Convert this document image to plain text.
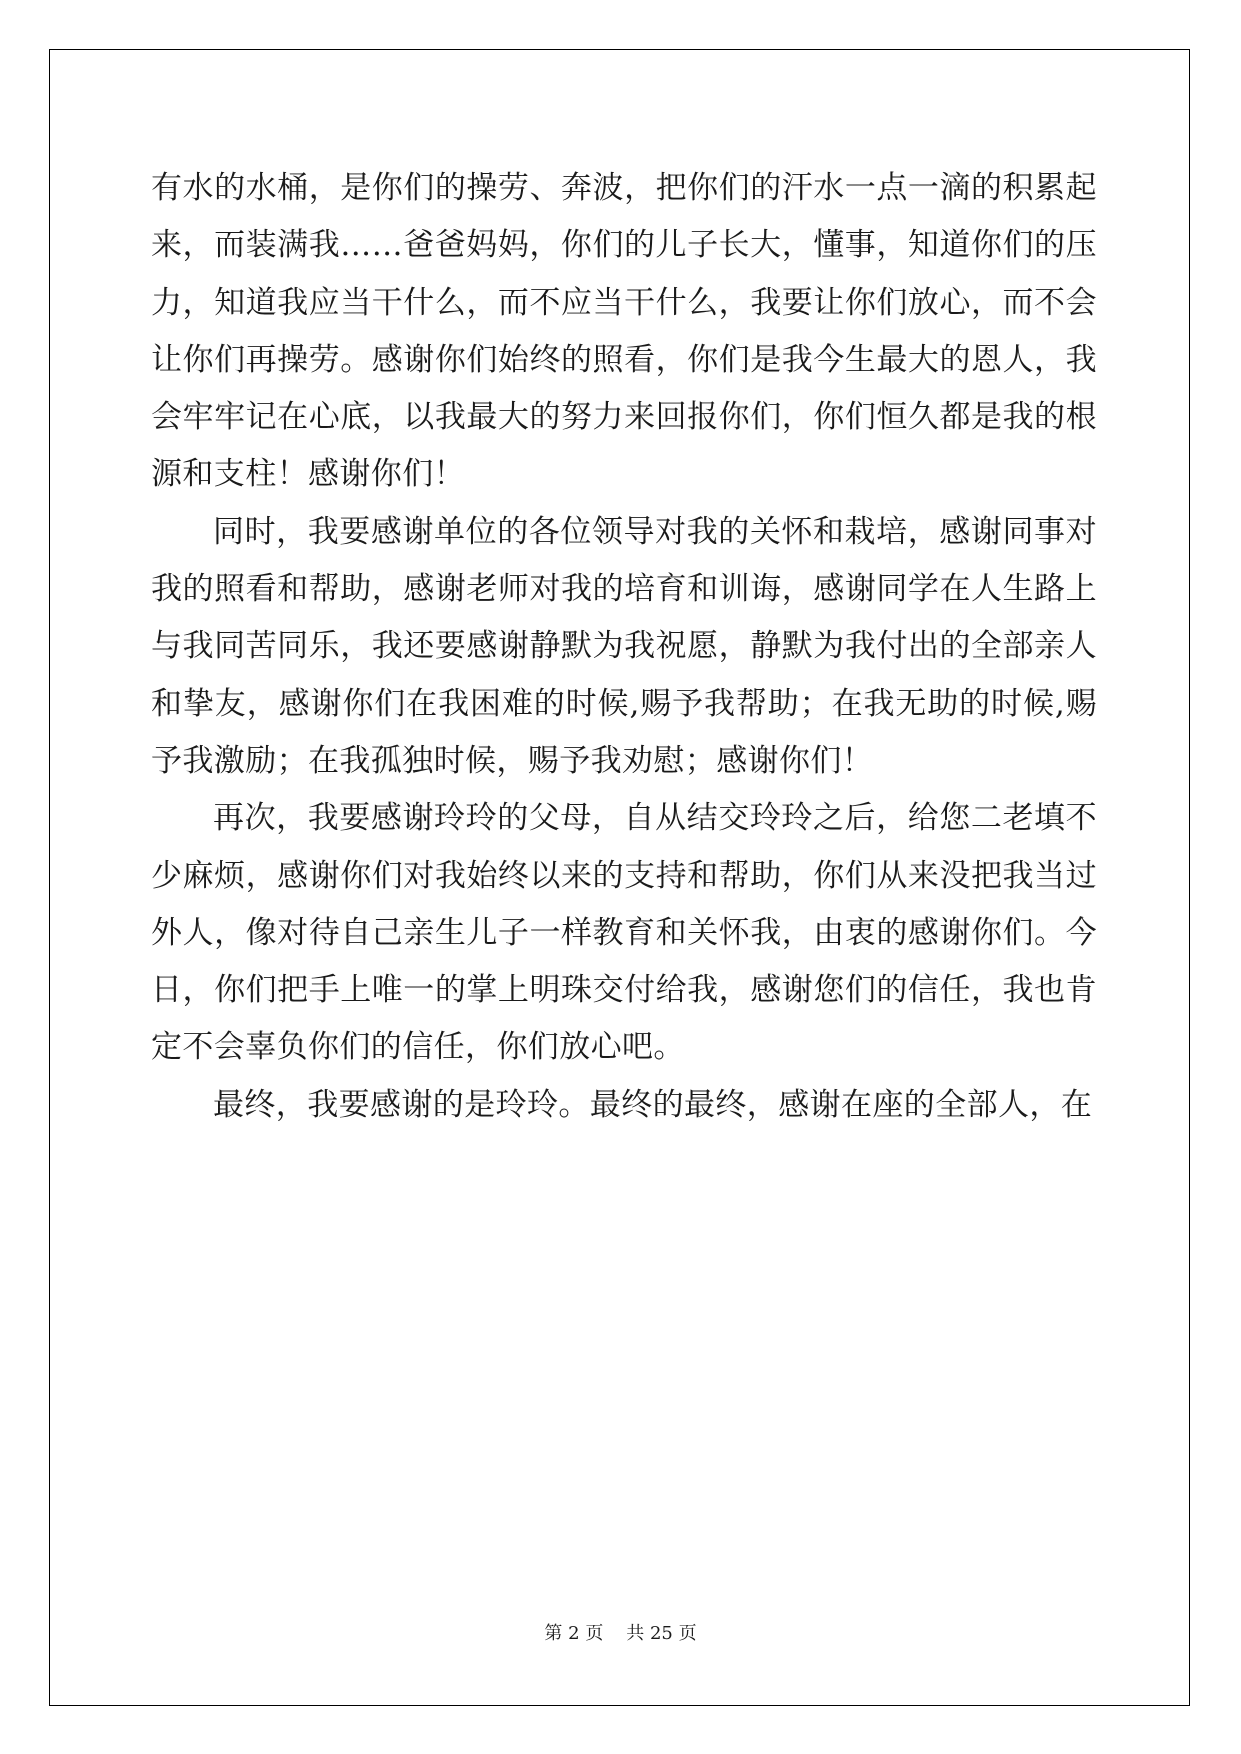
有水的水桶，是你们的操劳、奔波，把你们的汗水一点一滴的积累起来，而装满我……爸爸妈妈，你们的儿子长大，懂事，知道你们的压力，知道我应当干什么，而不应当干什么，我要让你们放心，而不会让你们再操劳。感谢你们始终的照看，你们是我今生最大的恩人，我会牢牢记在心底，以我最大的努力来回报你们，你们恒久都是我的根源和支柱！感谢你们！

同时，我要感谢单位的各位领导对我的关怀和栽培，感谢同事对我的照看和帮助，感谢老师对我的培育和训诲，感谢同学在人生路上与我同苦同乐，我还要感谢静默为我祝愿，静默为我付出的全部亲人和挚友，感谢你们在我困难的时候,赐予我帮助；在我无助的时候,赐予我激励；在我孤独时候，赐予我劝慰；感谢你们！

再次，我要感谢玲玲的父母，自从结交玲玲之后，给您二老填不少麻烦，感谢你们对我始终以来的支持和帮助，你们从来没把我当过外人，像对待自己亲生儿子一样教育和关怀我，由衷的感谢你们。今日，你们把手上唯一的掌上明珠交付给我，感谢您们的信任，我也肯定不会辜负你们的信任，你们放心吧。

最终，我要感谢的是玲玲。最终的最终，感谢在座的全部人，在

第 2 页 共 25 页
